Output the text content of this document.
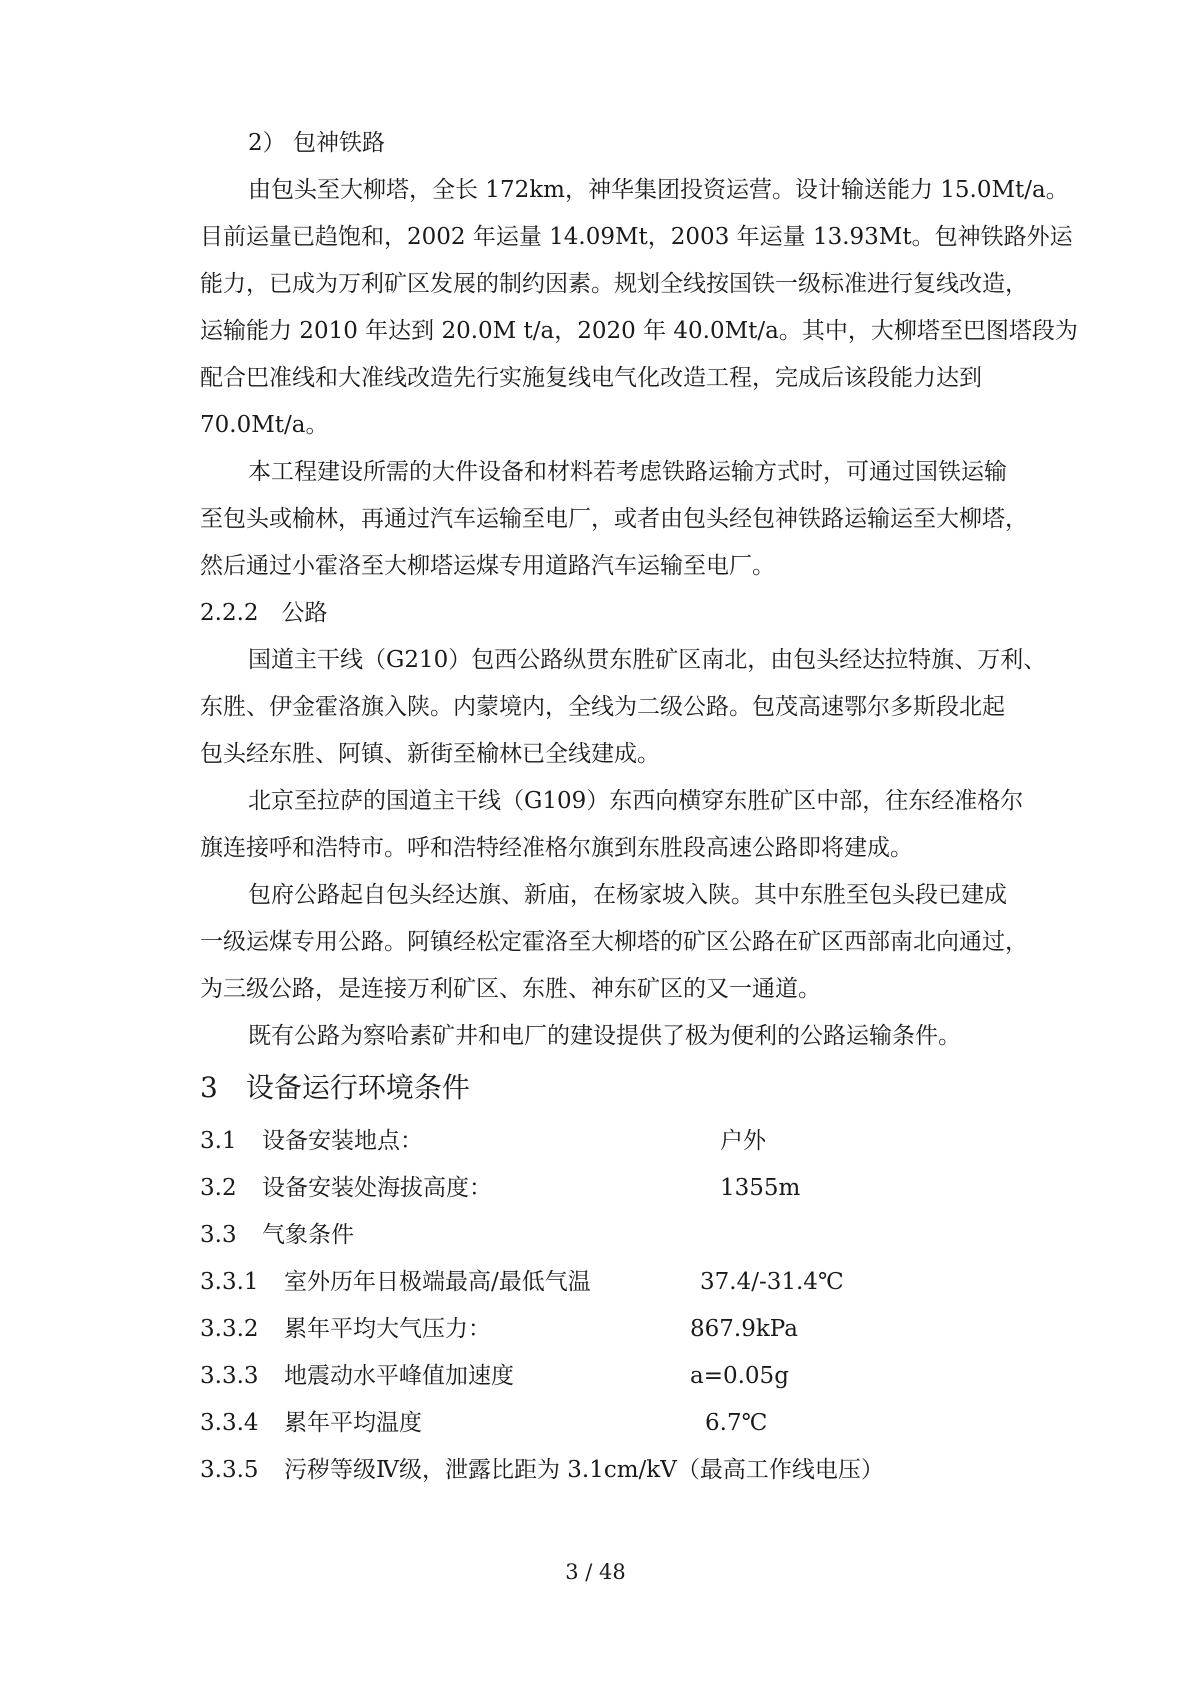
2） 包神铁路
由包头至大柳塔，全长 172km，神华集团投资运营。设计输送能力 15.0Mt/a。
目前运量已趋饱和，2002 年运量 14.09Mt，2003 年运量 13.93Mt。包神铁路外运
能力，已成为万利矿区发展的制约因素。规划全线按国铁一级标准进行复线改造，
运输能力 2010 年达到 20.0M t/a，2020 年 40.0Mt/a。其中，大柳塔至巴图塔段为
配合巴准线和大准线改造先行实施复线电气化改造工程，完成后该段能力达到
70.0Mt/a。
本工程建设所需的大件设备和材料若考虑铁路运输方式时，可通过国铁运输
至包头或榆林，再通过汽车运输至电厂，或者由包头经包神铁路运输运至大柳塔，
然后通过小霍洛至大柳塔运煤专用道路汽车运输至电厂。
2.2.2　公路
国道主干线（G210）包西公路纵贯东胜矿区南北，由包头经达拉特旗、万利、
东胜、伊金霍洛旗入陕。内蒙境内，全线为二级公路。包茂高速鄂尔多斯段北起
包头经东胜、阿镇、新街至榆林已全线建成。
北京至拉萨的国道主干线（G109）东西向横穿东胜矿区中部，往东经准格尔
旗连接呼和浩特市。呼和浩特经准格尔旗到东胜段高速公路即将建成。
包府公路起自包头经达旗、新庙，在杨家坡入陕。其中东胜至包头段已建成
一级运煤专用公路。阿镇经松定霍洛至大柳塔的矿区公路在矿区西部南北向通过，
为三级公路，是连接万利矿区、东胜、神东矿区的又一通道。
既有公路为察哈素矿井和电厂的建设提供了极为便利的公路运输条件。
3　设备运行环境条件
3.1 设备安装地点：	户外
3.2 设备安装处海拔高度：	1355m
3.3 气象条件
3.3.1 室外历年日极端最高/最低气温	37.4/-31.4℃
3.3.2 累年平均大气压力：	867.9kPa
3.3.3 地震动水平峰值加速度	a=0.05g
3.3.4 累年平均温度	6.7℃
3.3.5 污秽等级Ⅳ级，泄露比距为 3.1cm/kV（最高工作线电压）
3 / 48
